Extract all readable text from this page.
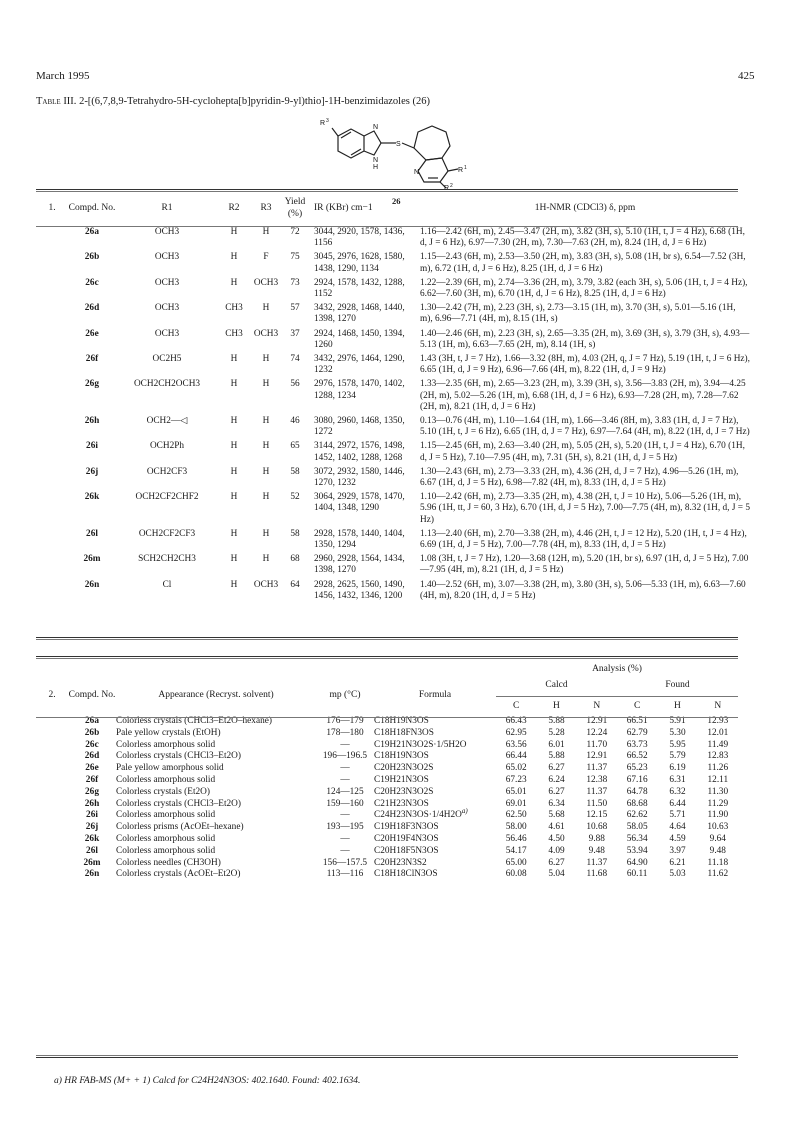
March 1995	425
Table III. 2-[(6,7,8,9-Tetrahydro-5H-cyclohepta[b]pyridin-9-yl)thio]-1H-benzimidazoles (26)
R 3
N
N
H
S
N	R 1
R 2
26
1.	Compd. No.	R1	R2	R3	Yield (%)	IR (KBr) cm−1	1H-NMR (CDCl3) δ, ppm
	26a	OCH3	H	H	72	3044, 2920, 1578, 1436, 1156	1.16—2.42 (6H, m), 2.45—3.47 (2H, m), 3.82 (3H, s), 5.10 (1H, t, J = 4 Hz), 6.68 (1H, d, J = 6 Hz), 6.97—7.30 (2H, m), 7.30—7.63 (2H, m), 8.24 (1H, d, J = 6 Hz)
	26b	OCH3	H	F	75	3045, 2976, 1628, 1580, 1438, 1290, 1134	1.15—2.43 (6H, m), 2.53—3.50 (2H, m), 3.83 (3H, s), 5.08 (1H, br s), 6.54—7.52 (3H, m), 6.72 (1H, d, J = 6 Hz), 8.25 (1H, d, J = 6 Hz)
	26c	OCH3	H	OCH3	73	2924, 1578, 1432, 1288, 1152	1.22—2.39 (6H, m), 2.74—3.36 (2H, m), 3.79, 3.82 (each 3H, s), 5.06 (1H, t, J = 4 Hz), 6.62—7.60 (3H, m), 6.70 (1H, d, J = 6 Hz), 8.25 (1H, d, J = 6 Hz)
	26d	OCH3	CH3	H	57	3432, 2928, 1468, 1440, 1398, 1270	1.30—2.42 (7H, m), 2.23 (3H, s), 2.73—3.15 (1H, m), 3.70 (3H, s), 5.01—5.16 (1H, m), 6.96—7.71 (4H, m), 8.15 (1H, s)
	26e	OCH3	CH3	OCH3	37	2924, 1468, 1450, 1394, 1260	1.40—2.46 (6H, m), 2.23 (3H, s), 2.65—3.35 (2H, m), 3.69 (3H, s), 3.79 (3H, s), 4.93—5.13 (1H, m), 6.63—7.65 (2H, m), 8.14 (1H, s)
	26f	OC2H5	H	H	74	3432, 2976, 1464, 1290, 1232	1.43 (3H, t, J = 7 Hz), 1.66—3.32 (8H, m), 4.03 (2H, q, J = 7 Hz), 5.19 (1H, t, J = 6 Hz), 6.65 (1H, d, J = 9 Hz), 6.96—7.66 (4H, m), 8.22 (1H, d, J = 9 Hz)
	26g	OCH2CH2OCH3	H	H	56	2976, 1578, 1470, 1402, 1288, 1234	1.33—2.35 (6H, m), 2.65—3.23 (2H, m), 3.39 (3H, s), 3.56—3.83 (2H, m), 3.94—4.25 (2H, m), 5.02—5.26 (1H, m), 6.68 (1H, d, J = 6 Hz), 6.93—7.28 (2H, m), 7.28—7.62 (2H, m), 8.21 (1H, d, J = 6 Hz)
	26h	OCH2—◁	H	H	46	3080, 2960, 1468, 1350, 1272	0.13—0.76 (4H, m), 1.10—1.64 (1H, m), 1.66—3.46 (8H, m), 3.83 (1H, d, J = 7 Hz), 5.10 (1H, t, J = 6 Hz), 6.65 (1H, d, J = 7 Hz), 6.97—7.64 (4H, m), 8.22 (1H, d, J = 7 Hz)
	26i	OCH2Ph	H	H	65	3144, 2972, 1576, 1498, 1452, 1402, 1288, 1268	1.15—2.45 (6H, m), 2.63—3.40 (2H, m), 5.05 (2H, s), 5.20 (1H, t, J = 4 Hz), 6.70 (1H, d, J = 5 Hz), 7.10—7.95 (4H, m), 7.31 (5H, s), 8.21 (1H, d, J = 5 Hz)
	26j	OCH2CF3	H	H	58	3072, 2932, 1580, 1446, 1270, 1232	1.30—2.43 (6H, m), 2.73—3.33 (2H, m), 4.36 (2H, d, J = 7 Hz), 4.96—5.26 (1H, m), 6.67 (1H, d, J = 5 Hz), 6.98—7.82 (4H, m), 8.33 (1H, d, J = 5 Hz)
	26k	OCH2CF2CHF2	H	H	52	3064, 2929, 1578, 1470, 1404, 1348, 1290	1.10—2.42 (6H, m), 2.73—3.35 (2H, m), 4.38 (2H, t, J = 10 Hz), 5.06—5.26 (1H, m), 5.96 (1H, tt, J = 60, 3 Hz), 6.70 (1H, d, J = 5 Hz), 7.00—7.75 (4H, m), 8.32 (1H, d, J = 5 Hz)
	26l	OCH2CF2CF3	H	H	58	2928, 1578, 1440, 1404, 1350, 1294	1.13—2.40 (6H, m), 2.70—3.38 (2H, m), 4.46 (2H, t, J = 12 Hz), 5.20 (1H, t, J = 4 Hz), 6.69 (1H, d, J = 5 Hz), 7.00—7.78 (4H, m), 8.33 (1H, d, J = 5 Hz)
	26m	SCH2CH2CH3	H	H	68	2960, 2928, 1564, 1434, 1398, 1270	1.08 (3H, t, J = 7 Hz), 1.20—3.68 (12H, m), 5.20 (1H, br s), 6.97 (1H, d, J = 5 Hz), 7.00—7.95 (4H, m), 8.21 (1H, d, J = 5 Hz)
	26n	Cl	H	OCH3	64	2928, 2625, 1560, 1490, 1456, 1432, 1346, 1200	1.40—2.52 (6H, m), 3.07—3.38 (2H, m), 3.80 (3H, s), 5.06—5.33 (1H, m), 6.63—7.60 (4H, m), 8.20 (1H, d, J = 5 Hz)
					Analysis (%)					
2.	Compd. No.	Appearance (Recryst. solvent)	mp (°C)	Formula	Calcd			Found		
					C	H	N	C	H	N
	26a	Colorless crystals (CHCl3–Et2O–hexane)	176—179	C18H19N3OS	66.43	5.88	12.91	66.51	5.91	12.93
	26b	Pale yellow crystals (EtOH)	178—180	C18H18FN3OS	62.95	5.28	12.24	62.79	5.30	12.01
	26c	Colorless amorphous solid	—	C19H21N3O2S·1/5H2O	63.56	6.01	11.70	63.73	5.95	11.49
	26d	Colorless crystals (CHCl3–Et2O)	196—196.5	C18H19N3OS	66.44	5.88	12.91	66.52	5.79	12.83
	26e	Pale yellow amorphous solid	—	C20H23N3O2S	65.02	6.27	11.37	65.23	6.19	11.26
	26f	Colorless amorphous solid	—	C19H21N3OS	67.23	6.24	12.38	67.16	6.31	12.11
	26g	Colorless crystals (Et2O)	124—125	C20H23N3O2S	65.01	6.27	11.37	64.78	6.32	11.30
	26h	Colorless crystals (CHCl3–Et2O)	159—160	C21H23N3OS	69.01	6.34	11.50	68.68	6.44	11.29
	26i	Colorless amorphous solid	—	$C24H23N3OS\cdot 1/4H2O^{a)}$	62.50	5.68	12.15	62.62	5.71	11.90
	26j	Colorless prisms (AcOEt–hexane)	193—195	C19H18F3N3OS	58.00	4.61	10.68	58.05	4.64	10.63
	26k	Colorless amorphous solid	—	C20H19F4N3OS	56.46	4.50	9.88	56.34	4.59	9.64
	26l	Colorless amorphous solid	—	C20H18F5N3OS	54.17	4.09	9.48	53.94	3.97	9.48
	26m	Colorless needles (CH3OH)	156—157.5	C20H23N3S2	65.00	6.27	11.37	64.90	6.21	11.18
	26n	Colorless crystals (AcOEt–Et2O)	113—116	C18H18ClN3OS	60.08	5.04	11.68	60.11	5.03	11.62
a) HR FAB-MS (M+ + 1) Calcd for C24H24N3OS: 402.1640. Found: 402.1634.
